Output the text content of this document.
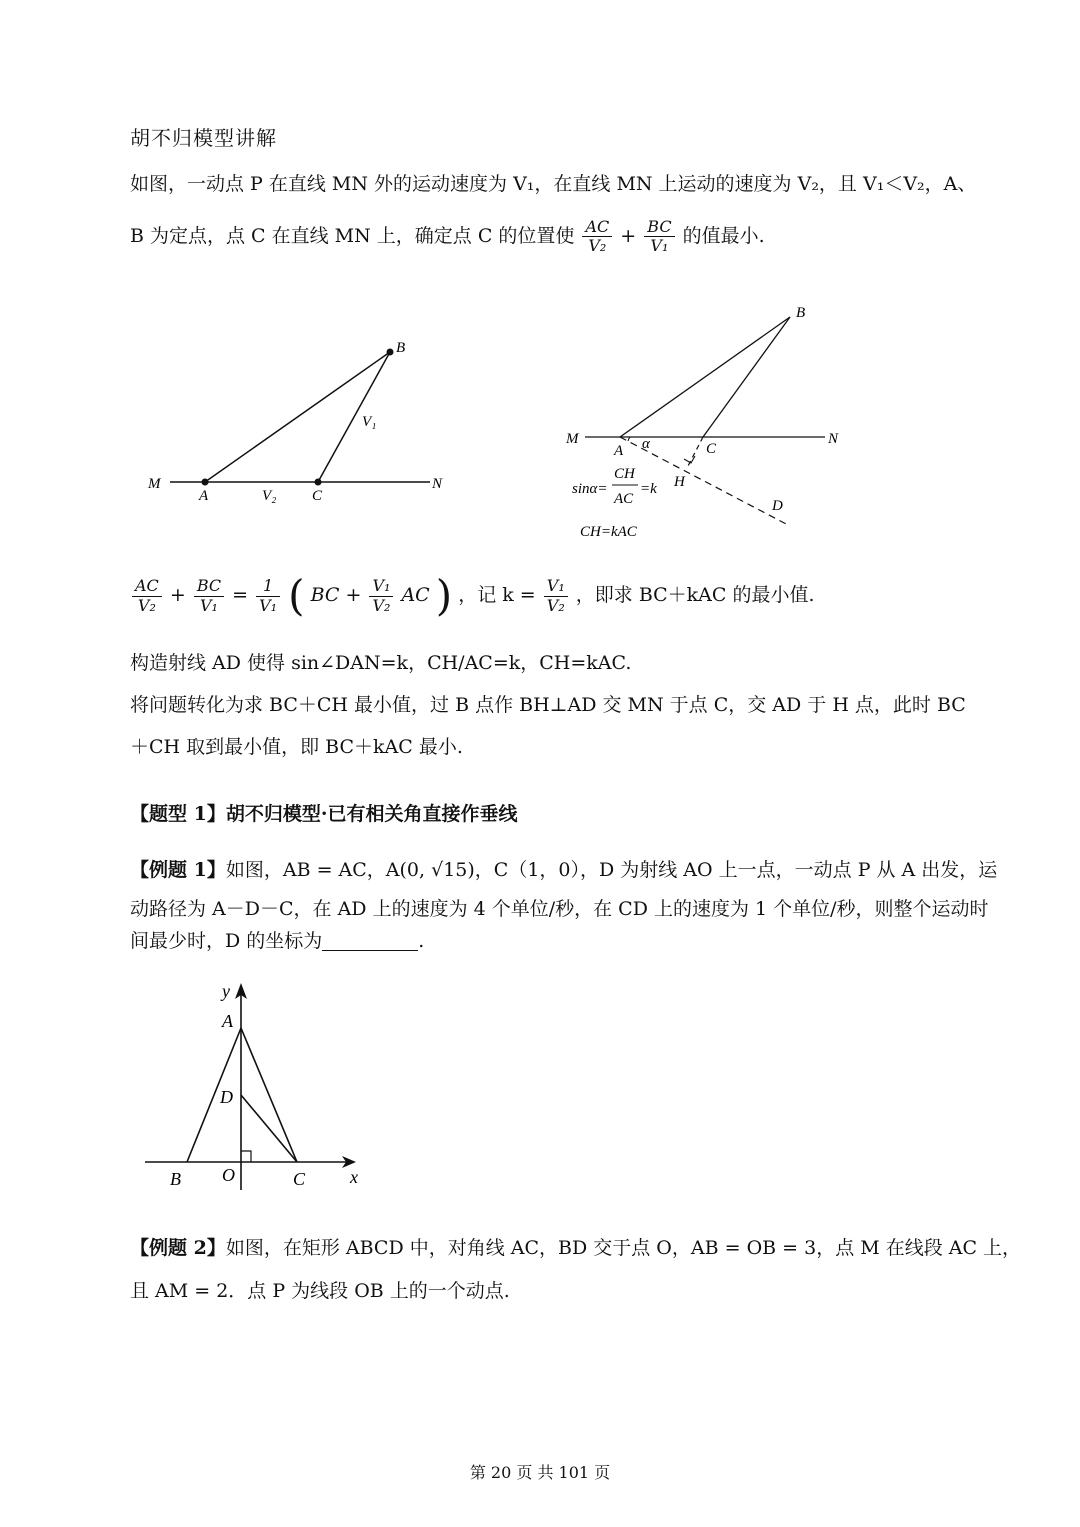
胡不归模型讲解
如图，一动点 P 在直线 MN 外的运动速度为 V₁，在直线 MN 上运动的速度为 V₂，且 V₁＜V₂，A、
B 为定点，点 C 在直线 MN 上，确定点 C 的位置使 $\frac{AC}{\text{V₂}} + \frac{BC}{\text{V₁}}$ 的值最小.
M
A	V₂ C
N
B
V₁
B
M
A α	C
N
H
D
sinα=
CH
AC
=k
CH=kAC
$\frac{AC}{\text{V₂}} + \frac{BC}{\text{V₁}} = \frac{1}{\text{V₁}}$ ( BC + $\frac{\text{V₁}}{\text{V₂}}$ AC ) ，记 $k = \frac{\text{V₁}}{\text{V₂}}$ ，即求 BC＋kAC 的最小值.
构造射线 AD 使得 sin∠DAN=k，CH/AC=k，CH=kAC.
将问题转化为求 BC＋CH 最小值，过 B 点作 BH⊥AD 交 MN 于点 C，交 AD 于 H 点，此时 BC
＋CH 取到最小值，即 BC＋kAC 最小.
【题型 1】胡不归模型·已有相关角直接作垂线
【例题 1】如图，AB = AC，A(0, √15)，C（1，0），D 为射线 AO 上一点，一动点 P 从 A 出发，运
动路径为 A－D－C，在 AD 上的速度为 4 个单位/秒，在 CD 上的速度为 1 个单位/秒，则整个运动时
间最少时，D 的坐标为	.
y
A
D
B O	C x
【例题 2】如图，在矩形 ABCD 中，对角线 AC，BD 交于点 O，AB = OB = 3，点 M 在线段 AC 上，
且 AM = 2．点 P 为线段 OB 上的一个动点.
第 20 页 共 101 页
